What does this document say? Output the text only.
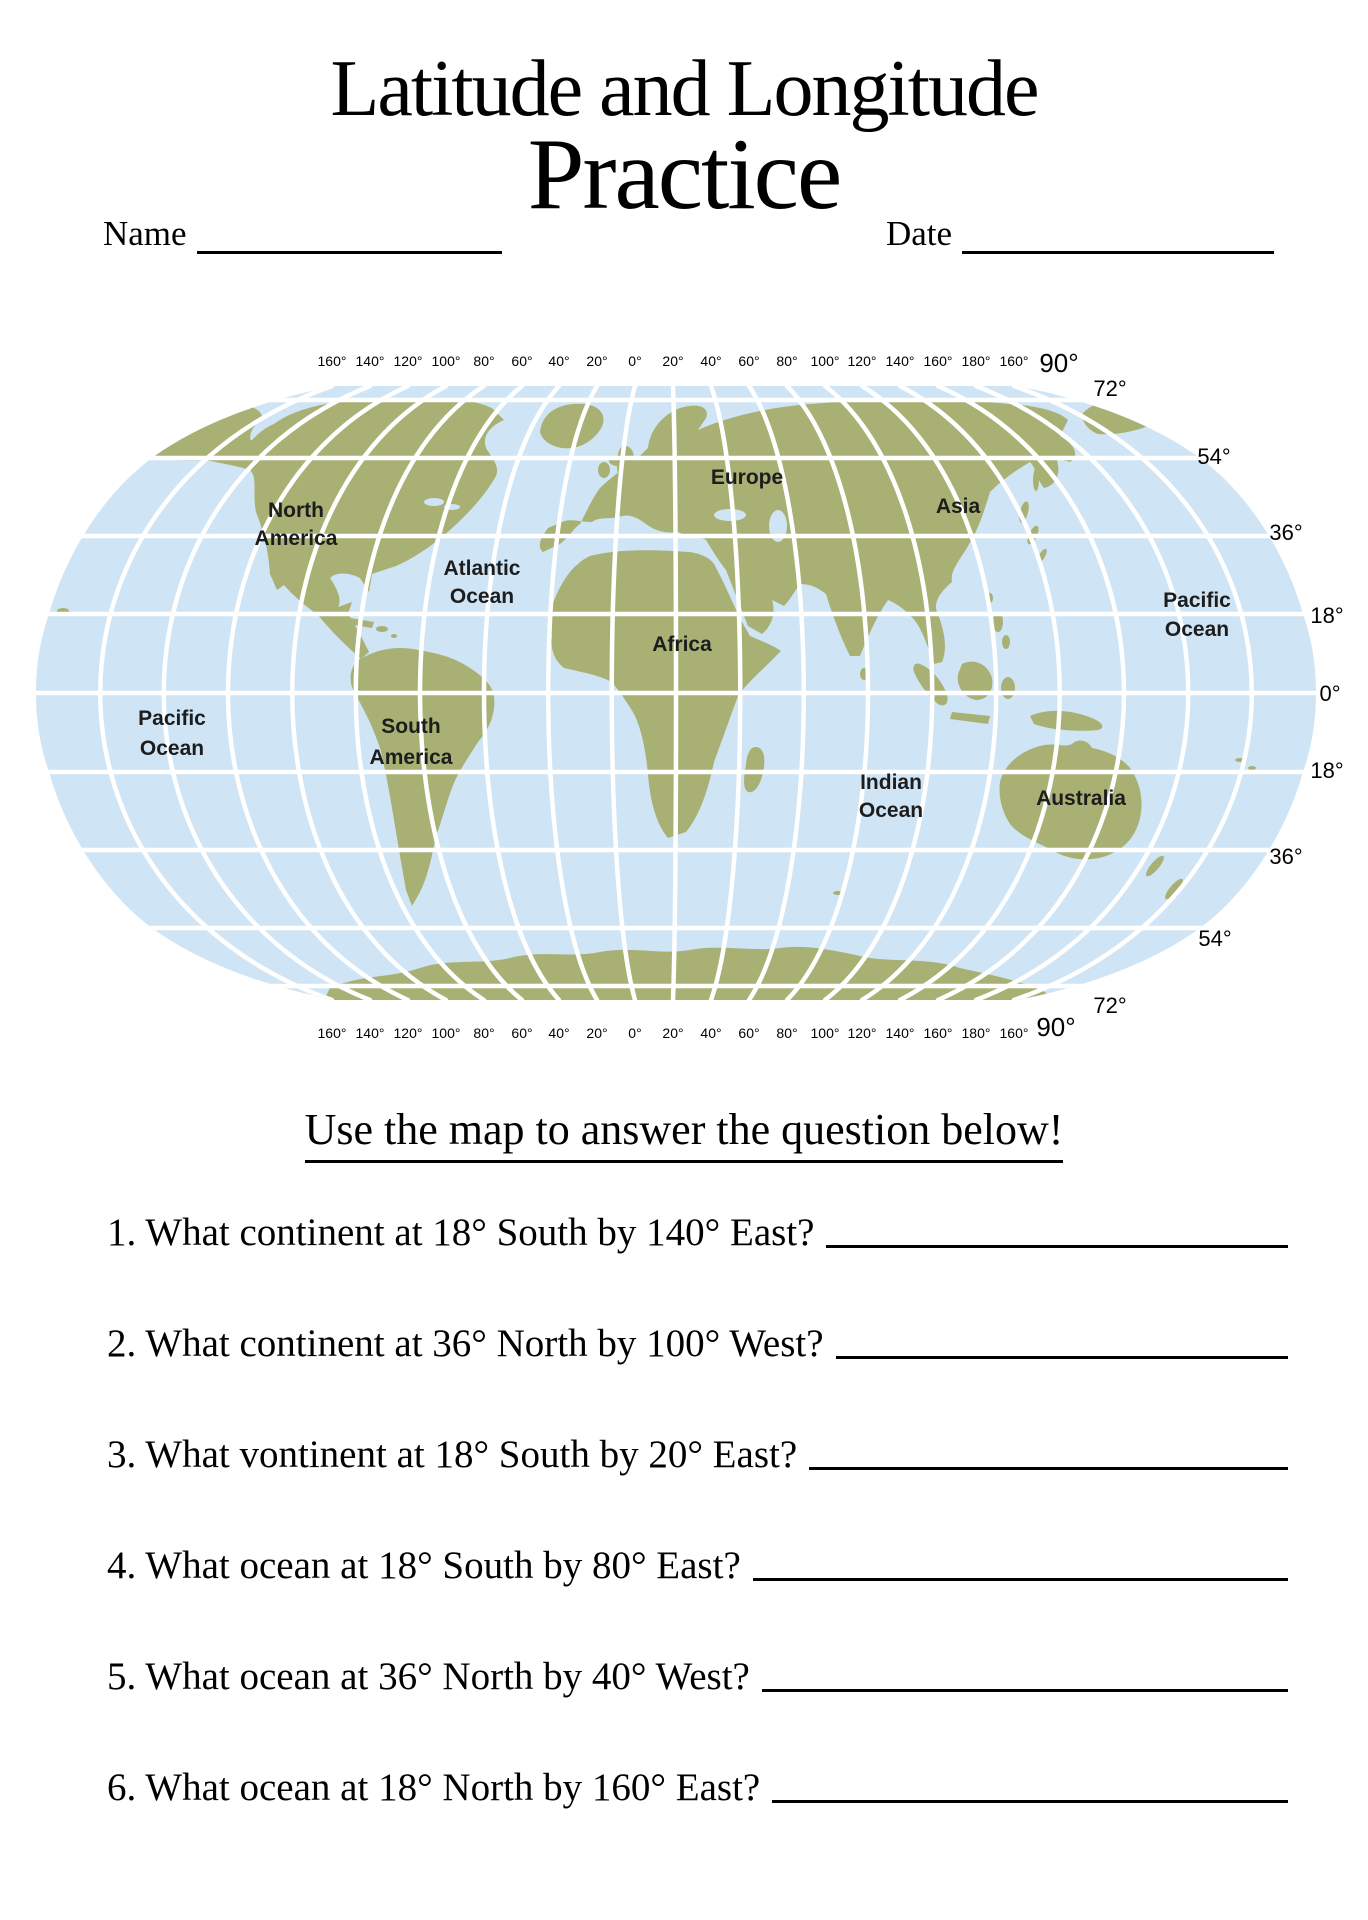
Latitude and Longitude
Practice
Name	Date
160° 140° 120° 100° 80° 60° 40° 20° 0° 20° 40° 60° 80° 100° 120° 140° 160° 180° 160°
160° 140° 120° 100° 80° 60° 40° 20° 0° 20° 40° 60° 80° 100° 120° 140° 160° 180° 160°
90°
72°
54°
36°
18°
0°
18°
36°
54°
72°
90°
North
America
Atlantic
Ocean
Pacific
Ocean
South
America
Europe
Asia
Africa
Indian
Ocean
Australia
Pacific
Ocean
Use the map to answer the question below!
1. What continent at 18° South by 140° East?
2. What continent at 36° North by 100° West?
3. What vontinent at 18° South by 20° East?
4. What ocean at 18° South by 80° East?
5. What ocean at 36° North by 40° West?
6. What ocean at 18° North by 160° East?
